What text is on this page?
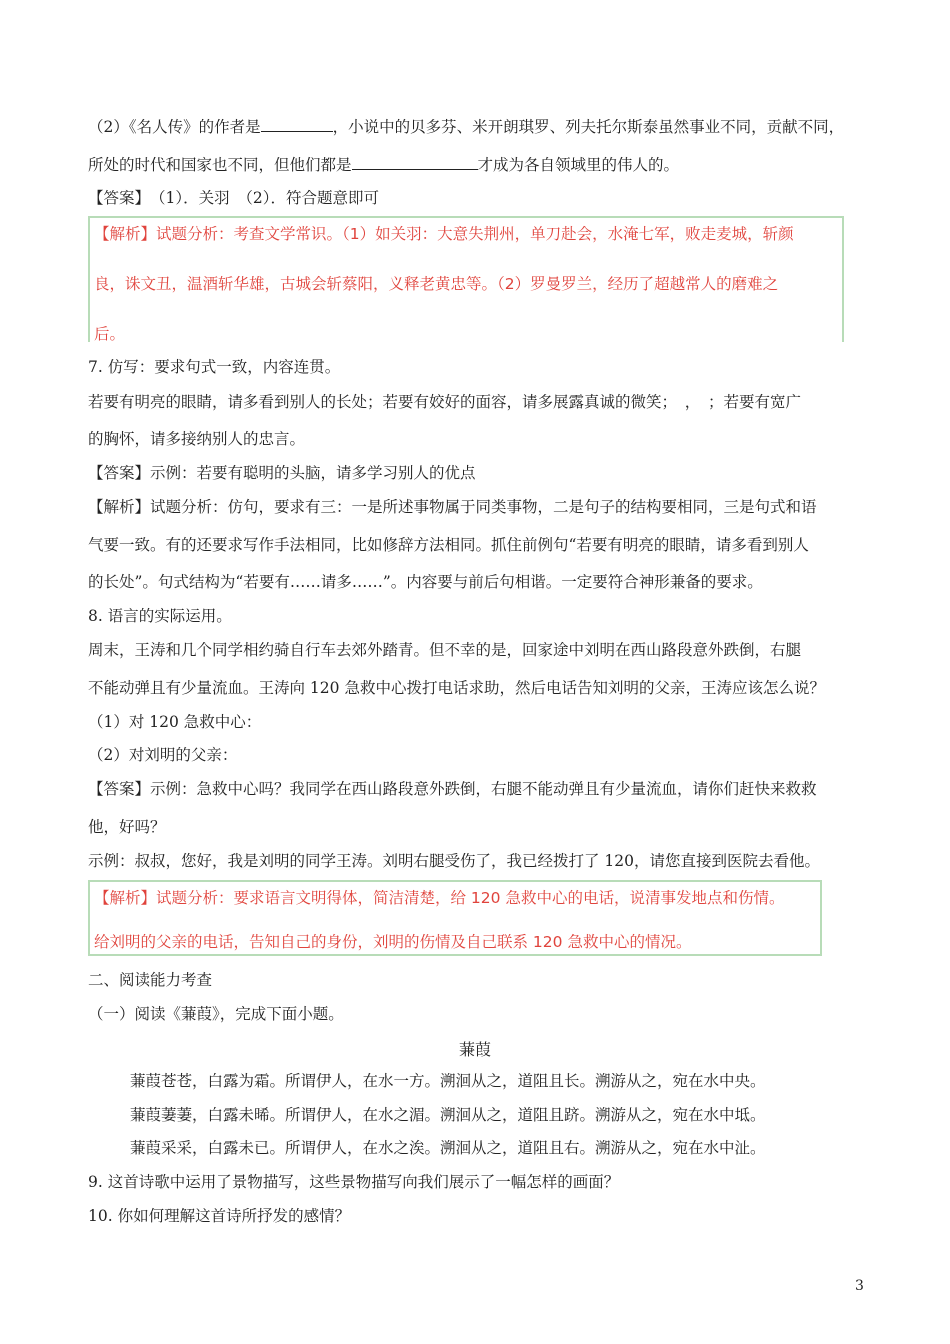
（2）《名人传》的作者是	，小说中的贝多芬、米开朗琪罗、列夫托尔斯泰虽然事业不同，贡献不同，
所处的时代和国家也不同，但他们都是	才成为各自领域里的伟人的。
【答案】　（1）．关羽　（2）．符合题意即可
【解析】试题分析：考查文学常识。（1）如关羽：大意失荆州，单刀赴会，水淹七军，败走麦城，斩颜
良，诛文丑，温酒斩华雄，古城会斩蔡阳，义释老黄忠等。（2）罗曼罗兰，经历了超越常人的磨难之
后。
7. 仿写：要求句式一致，内容连贯。
若要有明亮的眼睛，请多看到别人的长处；若要有姣好的面容，请多展露真诚的微笑；　，　；若要有宽广
的胸怀，请多接纳别人的忠言。
【答案】示例：若要有聪明的头脑，请多学习别人的优点
【解析】试题分析：仿句，要求有三：一是所述事物属于同类事物，二是句子的结构要相同，三是句式和语
气要一致。有的还要求写作手法相同，比如修辞方法相同。抓住前例句“若要有明亮的眼睛，请多看到别人
的长处”。句式结构为“若要有……请多……”。内容要与前后句相谐。一定要符合神形兼备的要求。
8. 语言的实际运用。
周末，王涛和几个同学相约骑自行车去郊外踏青。但不幸的是，回家途中刘明在西山路段意外跌倒，右腿
不能动弹且有少量流血。王涛向 120 急救中心拨打电话求助，然后电话告知刘明的父亲，王涛应该怎么说？
（1）对 120 急救中心：
（2）对刘明的父亲：
【答案】示例：急救中心吗？我同学在西山路段意外跌倒，右腿不能动弹且有少量流血，请你们赶快来救救
他，好吗？
示例：叔叔，您好，我是刘明的同学王涛。刘明右腿受伤了，我已经拨打了 120，请您直接到医院去看他。
【解析】试题分析：要求语言文明得体，简洁清楚，给 120 急救中心的电话，说清事发地点和伤情。
给刘明的父亲的电话，告知自己的身份，刘明的伤情及自己联系 120 急救中心的情况。
二、阅读能力考查
（一）阅读《蒹葭》，完成下面小题。
蒹葭
蒹葭苍苍，白露为霜。所谓伊人，在水一方。溯洄从之，道阻且长。溯游从之，宛在水中央。
蒹葭萋萋，白露未晞。所谓伊人，在水之湄。溯洄从之，道阻且跻。溯游从之，宛在水中坻。
蒹葭采采，白露未已。所谓伊人，在水之涘。溯洄从之，道阻且右。溯游从之，宛在水中沚。
9. 这首诗歌中运用了景物描写，这些景物描写向我们展示了一幅怎样的画面？
10. 你如何理解这首诗所抒发的感情？
3
